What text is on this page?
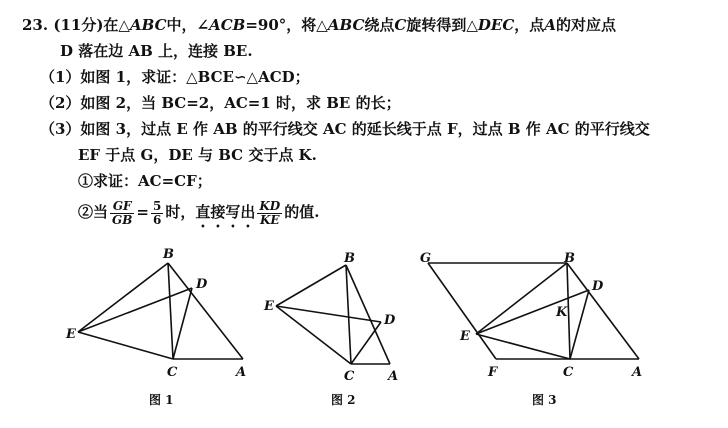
23. (11分)在△ABC中，∠ACB=90°，将△ABC绕点C旋转得到△DEC，点A的对应点
D 落在边 AB 上，连接 BE.
（1）如图 1，求证：△BCE∽△ACD；
（2）如图 2，当 BC=2，AC=1 时，求 BE 的长；
（3）如图 3，过点 E 作 AB 的平行线交 AC 的延长线于点 F，过点 B 作 AC 的平行线交
EF 于点 G，DE 与 BC 交于点 K.
①求证：AC=CF；
②当 $\frac{GF}{GB} = \frac{5}{6}$ 时，直接写出 $\frac{KD}{KE}$ 的值.
B
D
E
C	A
图 1
B
D
E
C	A
图 2
G	B
D
K
E
F	C	A
图 3
